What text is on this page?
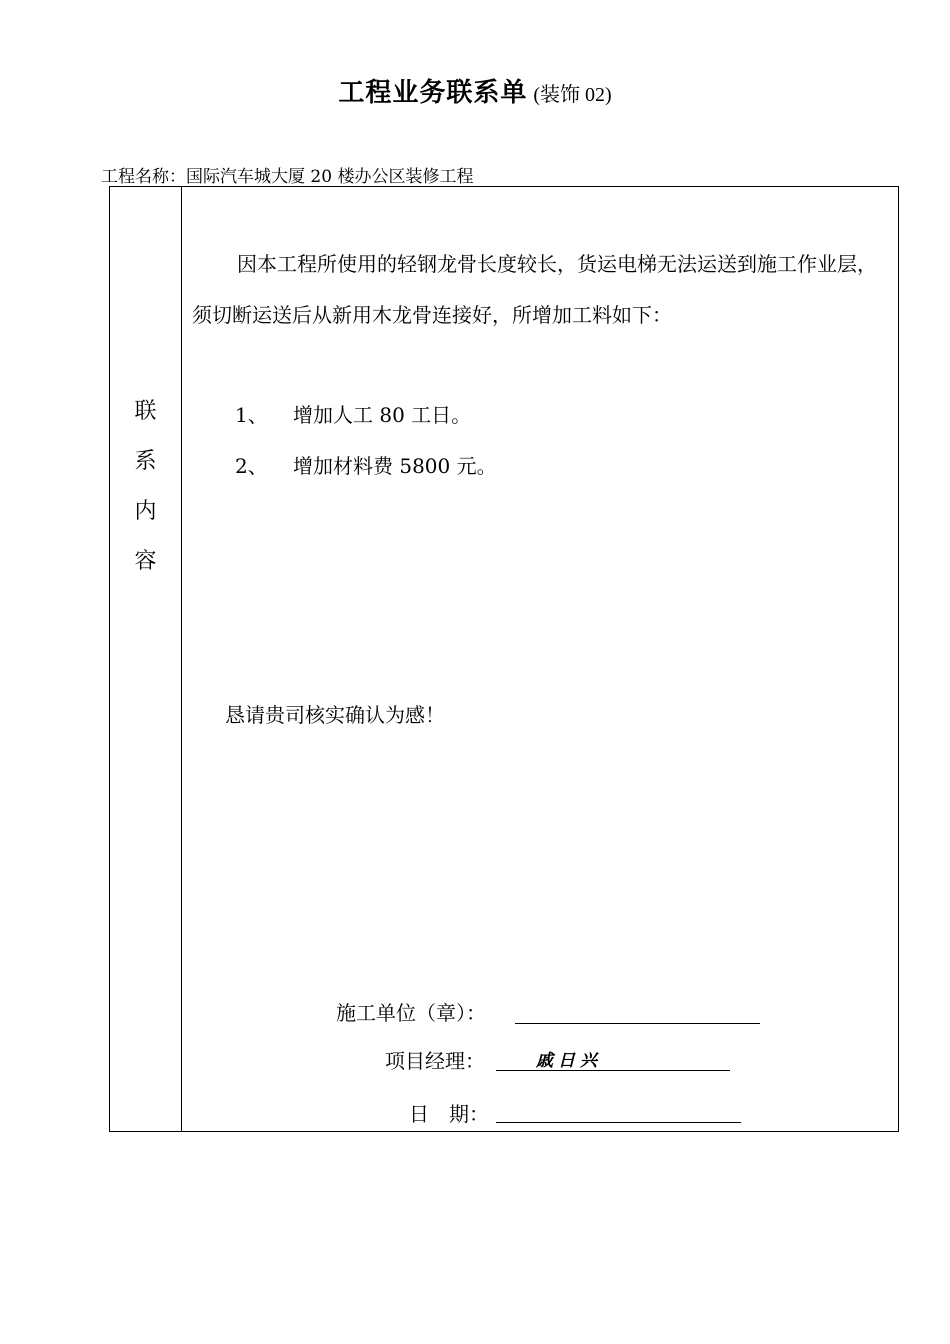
工程业务联系单 (装饰 02)
工程名称：国际汽车城大厦 20 楼办公区装修工程
联
系
内
容
因本工程所使用的轻钢龙骨长度较长，货运电梯无法运送到施工作业层，须切断运送后从新用木龙骨连接好，所增加工料如下：
1、 增加人工 80 工日。
2、 增加材料费 5800 元。
恳请贵司核实确认为感！
施工单位（章）：
项目经理：	戚日兴
日　期：
